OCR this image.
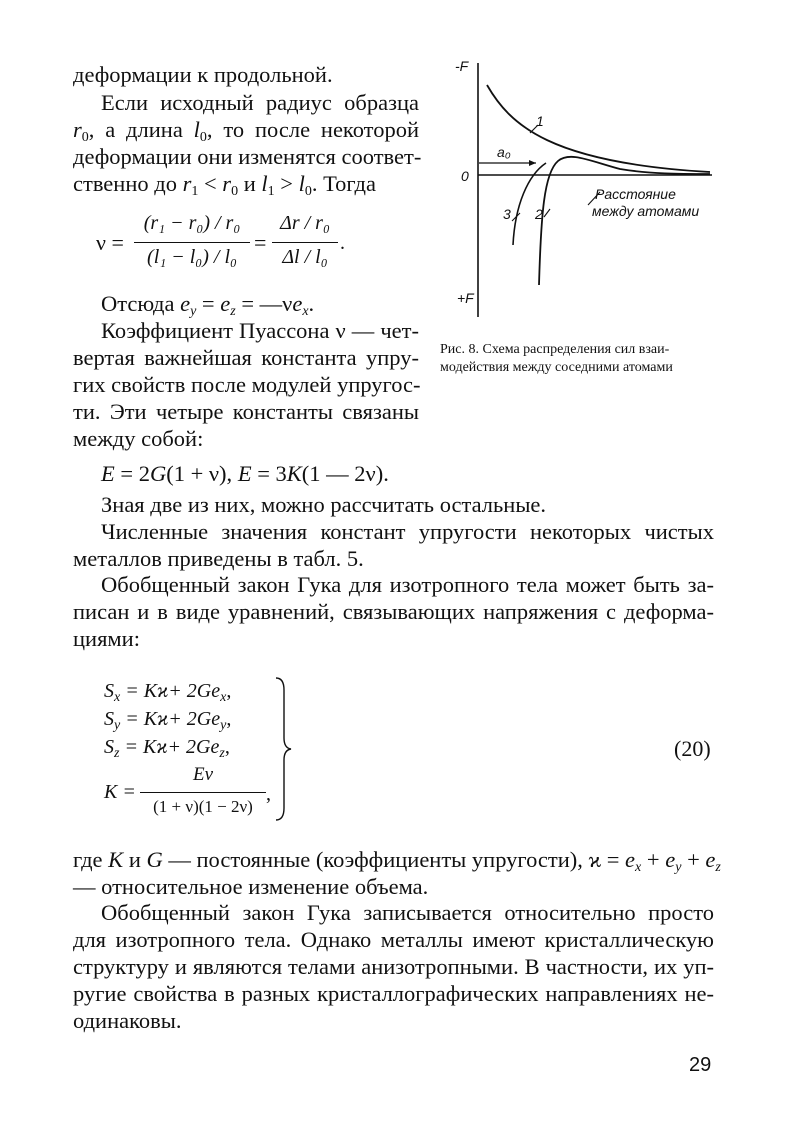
деформации к продольной.
Если исходный радиус образца
$r_0$, а длина $l_0$, то после некоторой
деформации они изменятся соответ-
ственно до $r_1 < r_0$ и $l_1 > l_0$. Тогда
ν =
(r₁ − r₀) / r₀
(l₁ − l₀) / l₀
=
Δr / r₀
Δl / l₀
.
Отсюда $e_y = e_z$ = $—\nu e_x$.
Коэффициент Пуассона ν — чет-
вертая важнейшая константа упру-
гих свойств после модулей упругос-
ти. Эти четыре константы связаны
между собой:
E = 2G(1 + ν), E = 3K(1 — 2ν).
Зная две из них, можно рассчитать остальные.
Численные значения констант упругости некоторых чистых
металлов приведены в табл. 5.
Обобщенный закон Гука для изотропного тела может быть за-
писан и в виде уравнений, связывающих напряжения с деформа-
циями:
$S_x = Kϰ+ 2Ge_x$,
$S_y = Kϰ+ 2Ge_y$,
$S_z = Kϰ+ 2Ge_z$,
K =
Eν
(1 + ν)(1 − 2ν)
,
(20)
где K и G — постоянные (коэффициенты упругости), $ϰ = e_x + e_y + e_z$
— относительное изменение объема.
Обобщенный закон Гука записывается относительно просто
для изотропного тела. Однако металлы имеют кристаллическую
структуру и являются телами анизотропными. В частности, их уп-
ругие свойства в разных кристаллографических направлениях не-
одинаковы.
-F
+F
0
a₀
1
2
3
Расстояние
между атомами
Рис. 8. Схема распределения сил взаи-
модействия между соседними атомами
29
